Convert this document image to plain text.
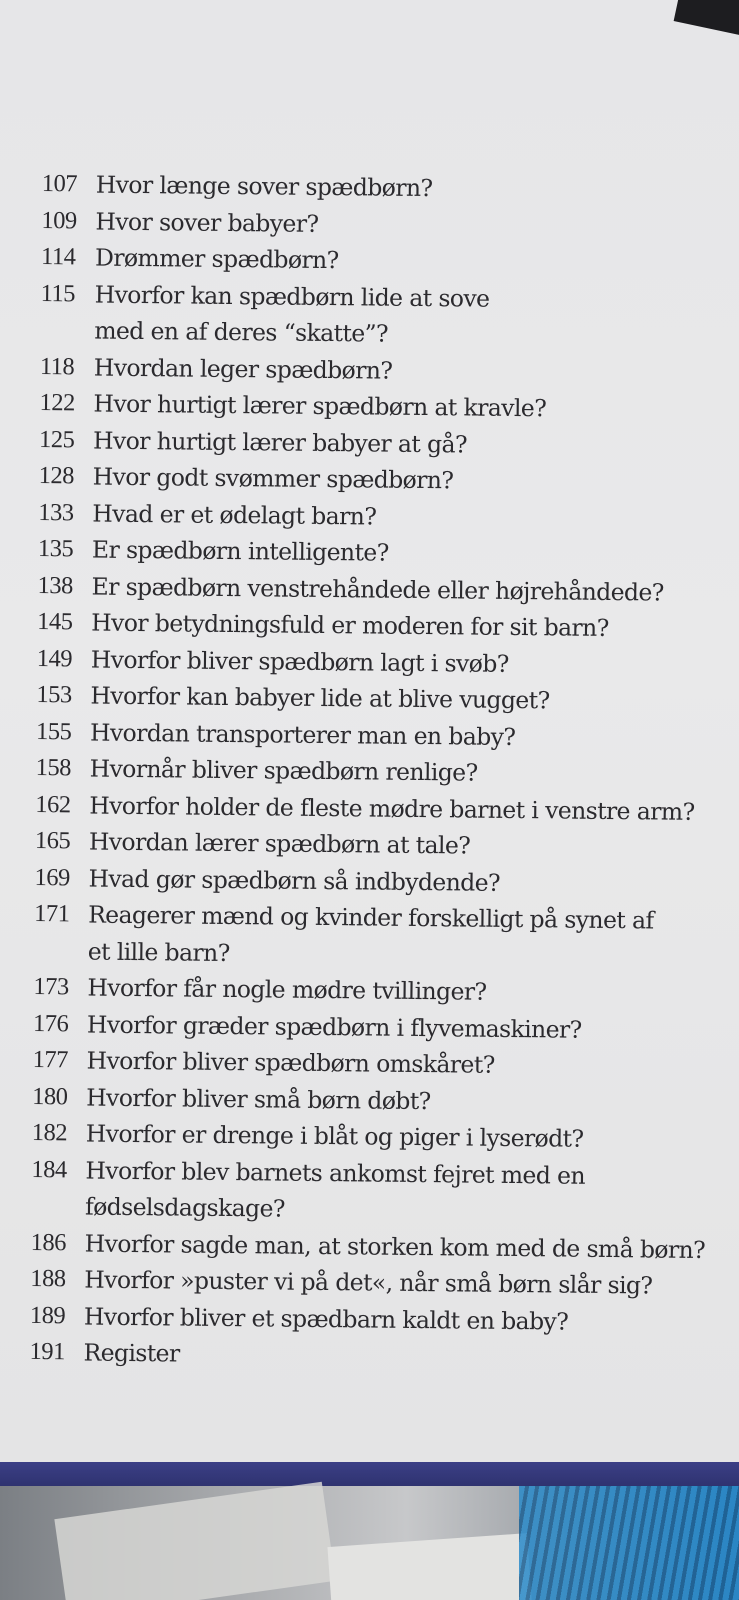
107 Hvor længe sover spædbørn?
109 Hvor sover babyer?
114 Drømmer spædbørn?
115 Hvorfor kan spædbørn lide at sove
med en af deres “skatte”?
118 Hvordan leger spædbørn?
122 Hvor hurtigt lærer spædbørn at kravle?
125 Hvor hurtigt lærer babyer at gå?
128 Hvor godt svømmer spædbørn?
133 Hvad er et ødelagt barn?
135 Er spædbørn intelligente?
138 Er spædbørn venstrehåndede eller højrehåndede?
145 Hvor betydningsfuld er moderen for sit barn?
149 Hvorfor bliver spædbørn lagt i svøb?
153 Hvorfor kan babyer lide at blive vugget?
155 Hvordan transporterer man en baby?
158 Hvornår bliver spædbørn renlige?
162 Hvorfor holder de fleste mødre barnet i venstre arm?
165 Hvordan lærer spædbørn at tale?
169 Hvad gør spædbørn så indbydende?
171 Reagerer mænd og kvinder forskelligt på synet af
et lille barn?
173 Hvorfor får nogle mødre tvillinger?
176 Hvorfor græder spædbørn i flyvemaskiner?
177 Hvorfor bliver spædbørn omskåret?
180 Hvorfor bliver små børn døbt?
182 Hvorfor er drenge i blåt og piger i lyserødt?
184 Hvorfor blev barnets ankomst fejret med en
fødselsdagskage?
186 Hvorfor sagde man, at storken kom med de små børn?
188 Hvorfor »puster vi på det«, når små børn slår sig?
189 Hvorfor bliver et spædbarn kaldt en baby?
191 Register
